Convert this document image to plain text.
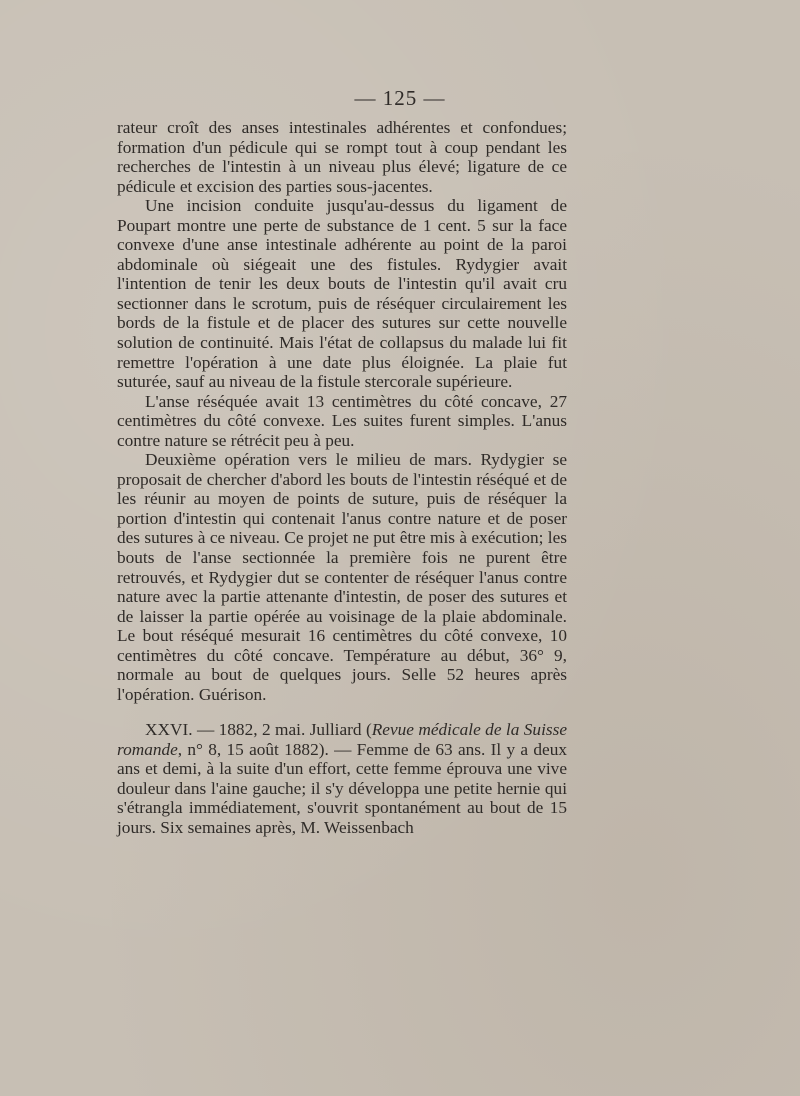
— 125 —

rateur croît des anses intestinales adhérentes et confondues; formation d'un pédicule qui se rompt tout à coup pendant les recherches de l'intestin à un niveau plus élevé; ligature de ce pédicule et excision des parties sous-jacentes.

Une incision conduite jusqu'au-dessus du ligament de Poupart montre une perte de substance de 1 cent. 5 sur la face convexe d'une anse intestinale adhérente au point de la paroi abdominale où siégeait une des fistules. Rydygier avait l'intention de tenir les deux bouts de l'intestin qu'il avait cru sectionner dans le scrotum, puis de réséquer circulairement les bords de la fistule et de placer des sutures sur cette nouvelle solution de continuité. Mais l'état de collapsus du malade lui fit remettre l'opération à une date plus éloignée. La plaie fut suturée, sauf au niveau de la fistule stercorale supérieure.

L'anse réséquée avait 13 centimètres du côté concave, 27 centimètres du côté convexe. Les suites furent simples. L'anus contre nature se rétrécit peu à peu.

Deuxième opération vers le milieu de mars. Rydygier se proposait de chercher d'abord les bouts de l'intestin réséqué et de les réunir au moyen de points de suture, puis de réséquer la portion d'intestin qui contenait l'anus contre nature et de poser des sutures à ce niveau. Ce projet ne put être mis à exécution; les bouts de l'anse sectionnée la première fois ne purent être retrouvés, et Rydygier dut se contenter de réséquer l'anus contre nature avec la partie attenante d'intestin, de poser des sutures et de laisser la partie opérée au voisinage de la plaie abdominale. Le bout réséqué mesurait 16 centimètres du côté convexe, 10 centimètres du côté concave. Température au début, 36° 9, normale au bout de quelques jours. Selle 52 heures après l'opération. Guérison.

XXVI. — 1882, 2 mai. Julliard (Revue médicale de la Suisse romande, n° 8, 15 août 1882). — Femme de 63 ans. Il y a deux ans et demi, à la suite d'un effort, cette femme éprouva une vive douleur dans l'aine gauche; il s'y développa une petite hernie qui s'étrangla immédiatement, s'ouvrit spontanément au bout de 15 jours. Six semaines après, M. Weissenbach
